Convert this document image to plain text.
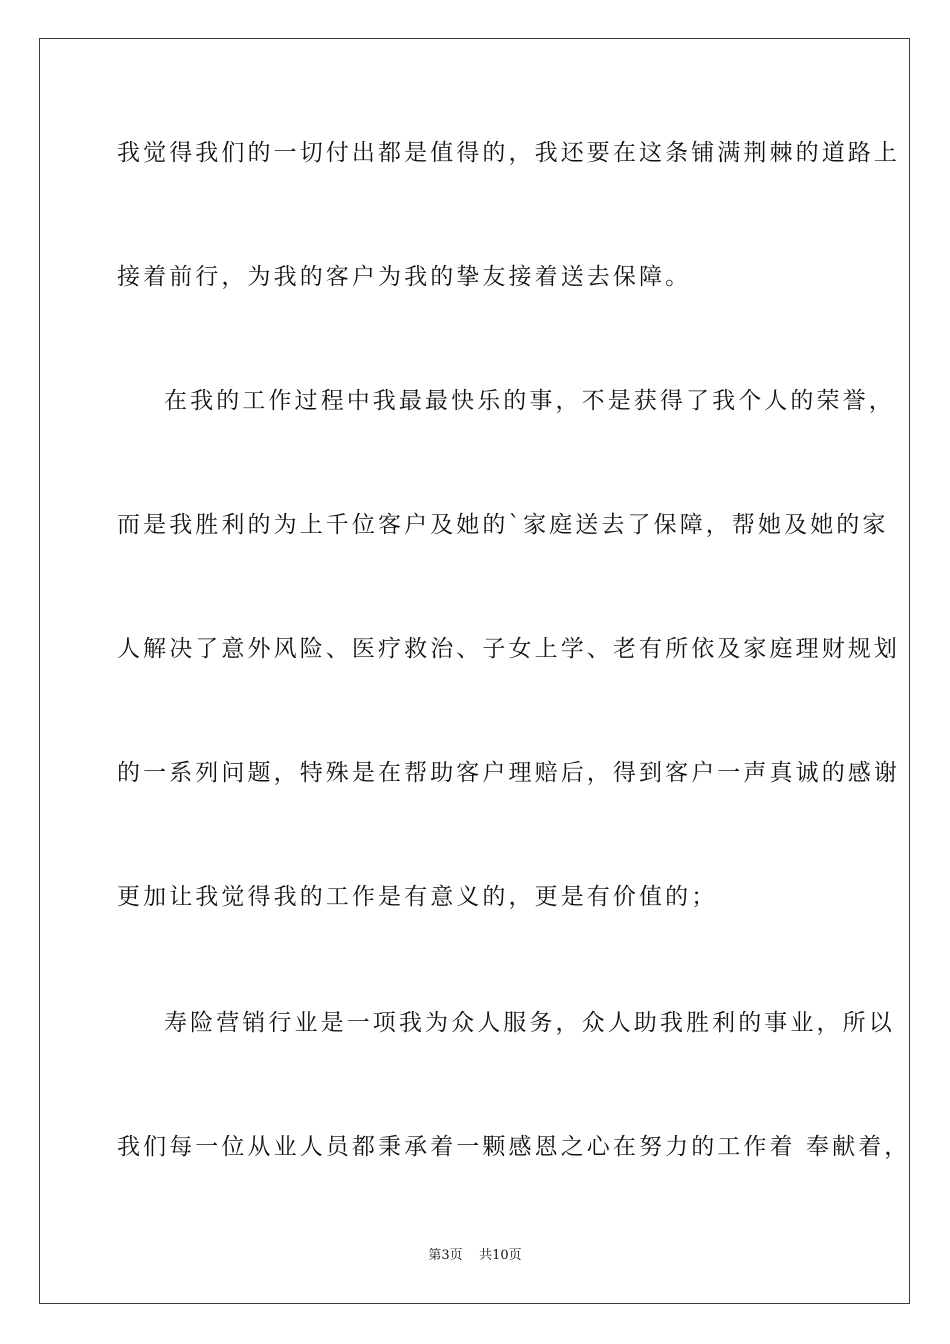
我觉得我们的一切付出都是值得的，我还要在这条铺满荆棘的道路上
接着前行，为我的客户为我的挚友接着送去保障。
在我的工作过程中我最最快乐的事，不是获得了我个人的荣誉，
而是我胜利的为上千位客户及她的`家庭送去了保障，帮她及她的家
人解决了意外风险、医疗救治、子女上学、老有所依及家庭理财规划
的一系列问题，特殊是在帮助客户理赔后，得到客户一声真诚的感谢
更加让我觉得我的工作是有意义的，更是有价值的；
寿险营销行业是一项我为众人服务，众人助我胜利的事业，所以
我们每一位从业人员都秉承着一颗感恩之心在努力的工作着 奉献着，
第3页 共10页
